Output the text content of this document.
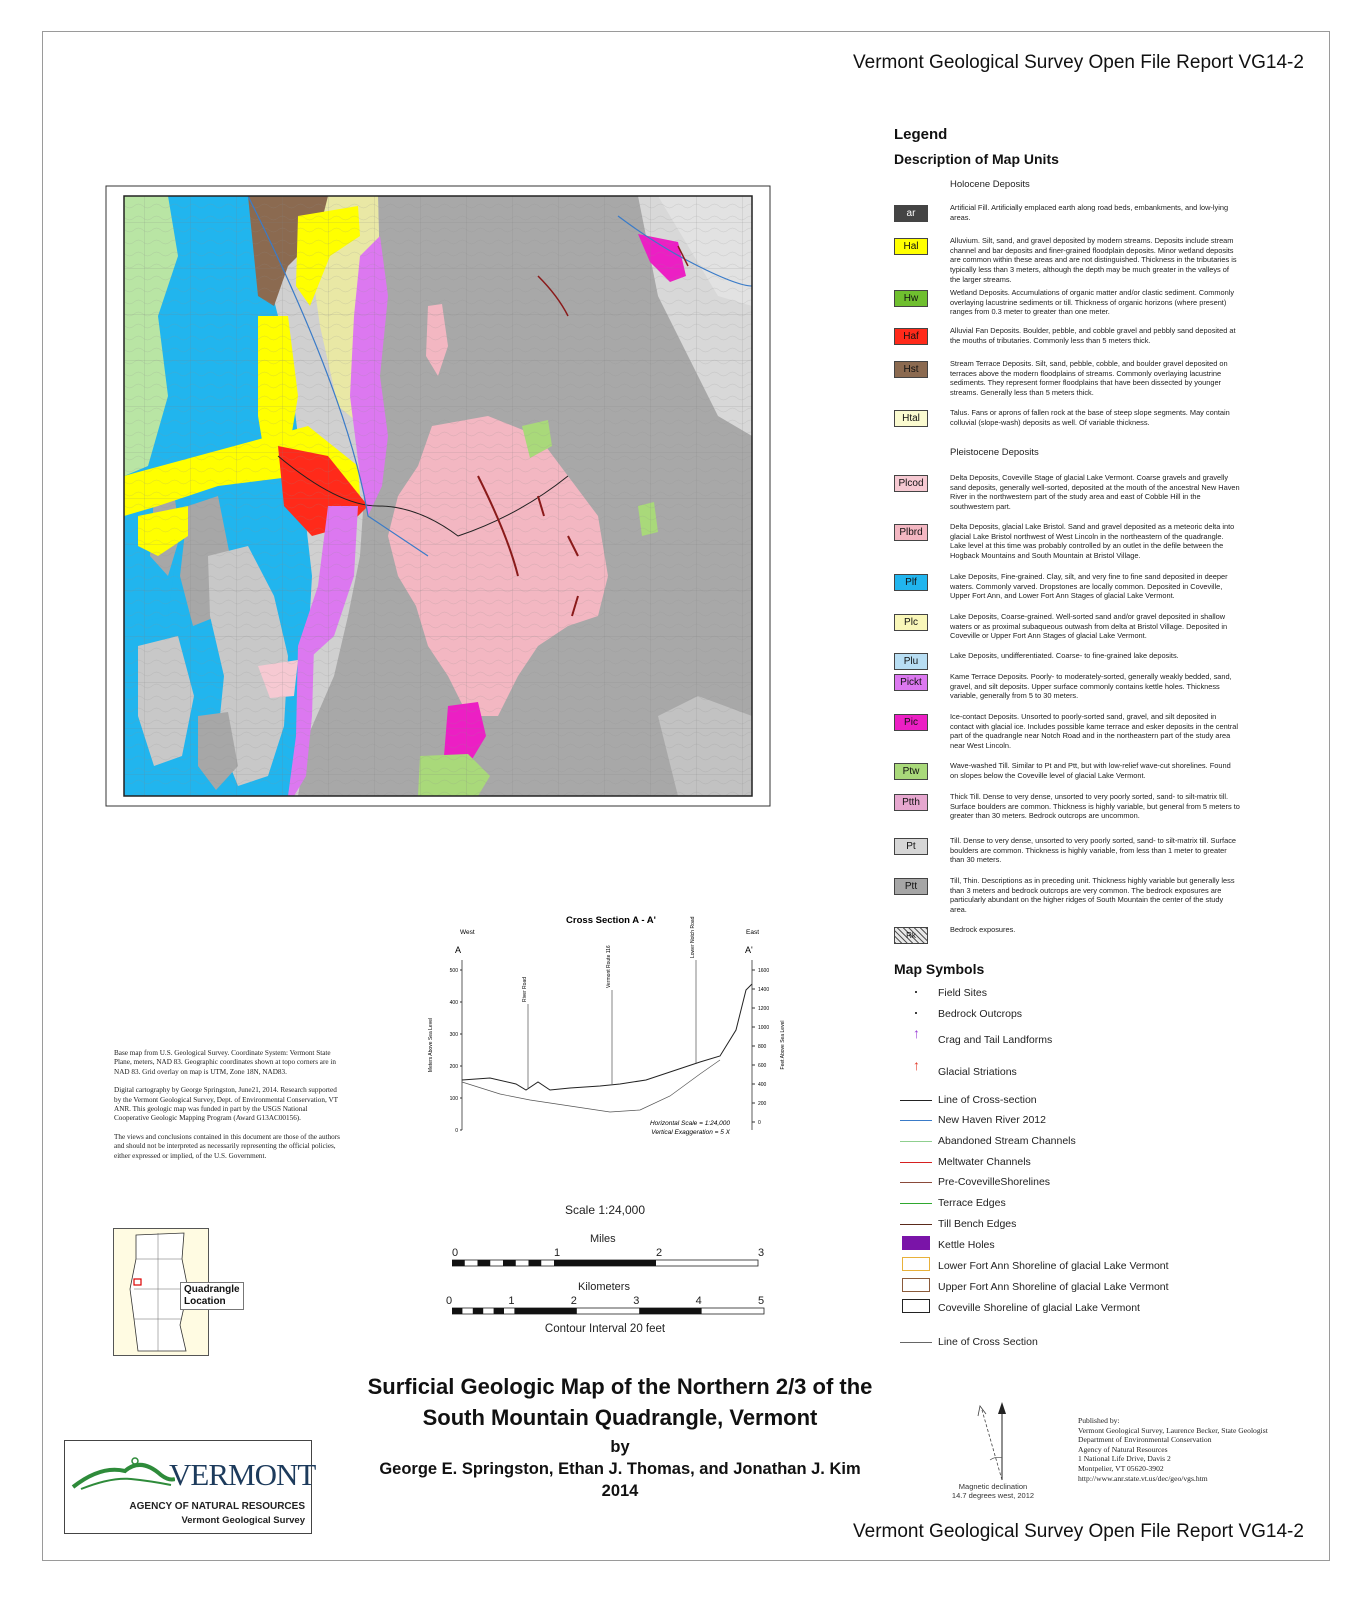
Vermont Geological Survey Open File Report VG14-2
Vermont Geological Survey Open File Report VG14-2
Legend
Description of Map Units
Holocene Deposits
Pleistocene Deposits
ar
Artificial Fill. Artificially emplaced earth along road beds, embankments, and low-lying areas.
Hal
Alluvium. Silt, sand, and gravel deposited by modern streams. Deposits include stream channel and bar deposits and finer-grained floodplain deposits. Minor wetland deposits are common within these areas and are not distinguished. Thickness in the tributaries is typically less than 3 meters, although the depth may be much greater in the valleys of the larger streams.
Hw
Wetland Deposits. Accumulations of organic matter and/or clastic sediment. Commonly overlaying lacustrine sediments or till. Thickness of organic horizons (where present) ranges from 0.3 meter to greater than one meter.
Haf
Alluvial Fan Deposits. Boulder, pebble, and cobble gravel and pebbly sand deposited at the mouths of tributaries. Commonly less than 5 meters thick.
Hst
Stream Terrace Deposits. Silt, sand, pebble, cobble, and boulder gravel deposited on terraces above the modern floodplains of streams. Commonly overlaying lacustrine sediments. They represent former floodplains that have been dissected by younger streams. Generally less than 5 meters thick.
Htal
Talus. Fans or aprons of fallen rock at the base of steep slope segments. May contain colluvial (slope-wash) deposits as well. Of variable thickness.
Plcod
Delta Deposits, Coveville Stage of glacial Lake Vermont. Coarse gravels and gravelly sand deposits, generally well-sorted, deposited at the mouth of the ancestral New Haven River in the northwestern part of the study area and east of Cobble Hill in the southwestern part.
Plbrd
Delta Deposits, glacial Lake Bristol. Sand and gravel deposited as a meteoric delta into glacial Lake Bristol northwest of West Lincoln in the northeastern of the quadrangle. Lake level at this time was probably controlled by an outlet in the defile between the Hogback Mountains and South Mountain at Bristol Village.
Plf
Lake Deposits, Fine-grained. Clay, silt, and very fine to fine sand deposited in deeper waters. Commonly varved. Dropstones are locally common. Deposited in Coveville, Upper Fort Ann, and Lower Fort Ann Stages of glacial Lake Vermont.
Plc
Lake Deposits, Coarse-grained. Well-sorted sand and/or gravel deposited in shallow waters or as proximal subaqueous outwash from delta at Bristol Village. Deposited in Coveville or Upper Fort Ann Stages of glacial Lake Vermont.
Plu
Lake Deposits, undifferentiated. Coarse- to fine-grained lake deposits.
Pickt
Kame Terrace Deposits. Poorly- to moderately-sorted, generally weakly bedded, sand, gravel, and silt deposits. Upper surface commonly contains kettle holes. Thickness variable, generally from 5 to 30 meters.
Pic
Ice-contact Deposits. Unsorted to poorly-sorted sand, gravel, and silt deposited in contact with glacial ice. Includes possible kame terrace and esker deposits in the central part of the quadrangle near Notch Road and in the northeastern part of the study area near West Lincoln.
Ptw
Wave-washed Till. Similar to Pt and Ptt, but with low-relief wave-cut shorelines. Found on slopes below the Coveville level of glacial Lake Vermont.
Ptth
Thick Till. Dense to very dense, unsorted to very poorly sorted, sand- to silt-matrix till. Surface boulders are common. Thickness is highly variable, but general from 5 meters to greater than 30 meters. Bedrock outcrops are uncommon.
Pt
Till. Dense to very dense, unsorted to very poorly sorted, sand- to silt-matrix till. Surface boulders are common. Thickness is highly variable, from less than 1 meter to greater than 30 meters.
Ptt
Till, Thin. Descriptions as in preceding unit. Thickness highly variable but generally less than 3 meters and bedrock outcrops are very common. The bedrock exposures are particularly abundant on the higher ridges of South Mountain the center of the study area.
Rk
Bedrock exposures.
Map Symbols
Field Sites
Bedrock Outcrops
↑ Crag and Tail Landforms
↑ Glacial Striations
Line of Cross-section
New Haven River 2012
Abandoned Stream Channels
Meltwater Channels
Pre-CovevilleShorelines
Terrace Edges
Till Bench Edges
Kettle Holes
Lower Fort Ann Shoreline of glacial Lake Vermont
Upper Fort Ann Shoreline of glacial Lake Vermont
Coveville Shoreline of glacial Lake Vermont
Line of Cross Section
Cross Section A - A'
West	East
A	A'
500
400
300
200
100
0
1600
1400
1200
1000
800
600
400
200
0
Meters Above Sea Level	Feet Above Sea Level
River Road
Vermont Route 116
Lower Notch Road
Horizontal Scale = 1:24,000
Vertical Exaggeration = 5 X

Base map from U.S. Geological Survey. Coordinate System: Vermont State Plane, meters, NAD 83. Geographic coordinates shown at topo corners are in NAD 83. Grid overlay on map is UTM, Zone 18N, NAD83.

Digital cartography by George Springston, June21, 2014. Research supported by the Vermont Geological Survey, Dept. of Environmental Conservation, VT ANR. This geologic map was funded in part by the USGS National Cooperative Geologic Mapping Program (Award G13AC00156).

The views and conclusions contained in this document are those of the authors and should not be interpreted as necessarily representing the official policies, either expressed or implied, of the U.S. Government.

Quadrangle
Location
Scale 1:24,000
Miles
0	1	2	3
Kilometers
0	1	2	3	4	5
Contour Interval 20 feet
Surficial Geologic Map of the Northern 2/3 of the
South Mountain Quadrangle, Vermont
by
George E. Springston, Ethan J. Thomas, and Jonathan J. Kim
2014	Magnetic declination
14.7 degrees west, 2012
Published by:
Vermont Geological Survey, Laurence Becker, State Geologist
Department of Environmental Conservation
Agency of Natural Resources
1 National Life Drive, Davis 2
Montpelier, VT 05620-3902
http://www.anr.state.vt.us/dec/geo/vgs.htm
VERMONT
AGENCY OF NATURAL RESOURCES
Vermont Geological Survey
